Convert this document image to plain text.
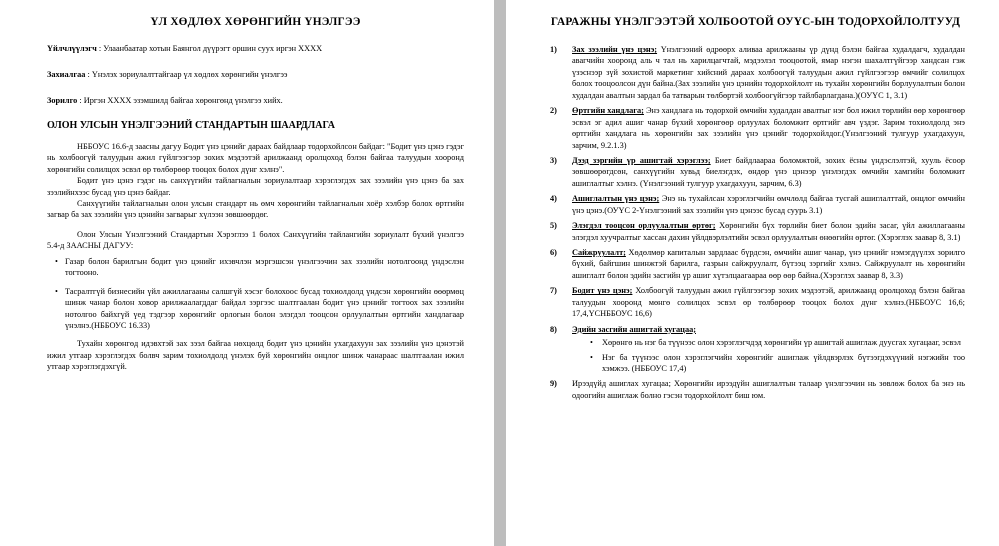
ҮЛ ХӨДЛӨХ ХӨРӨНГИЙН ҮНЭЛГЭЭ
Үйлчлүүлэгч : Улаанбаатар хотын Баянгол дүүрэгт оршин суух иргэн ХХХХ
Захиалгаа : Үнэлэх зориулалттайгаар үл хөдлөх хөрөнгийн үнэлгээ
Зорилго : Иргэн ХХХХ эзэмшилд байгаа хөрөнгөнд үнэлгээ хийх.
ОЛОН УЛСЫН ҮНЭЛГЭЭНИЙ СТАНДАРТЫН ШААРДЛАГА

НББОУС 16.6-д заасны дагуу Бодит үнэ цэнийг дараах байдлаар тодорхойлсон байдаг: "Бодит үнэ цэнэ гэдэг нь холбоогүй талуудын ажил гүйлгээгээр зохих мэдээтэй арилжаанд оролцоход бэлэн байгаа талуудын хооронд хөрөнгийн солилцох эсвэл өр төлбөрөөр тооцох болох дүнг хэлнэ".

Бодит үнэ цэнэ гэдэг нь санхүүгийн тайлагналын зориулалтаар хэрэглэгдэх зах зээлийн үнэ цэнэ ба зах зээлийнхээс бусад үнэ цэнэ байдаг.

Санхүүгийн тайлагналын олон улсын стандарт нь өмч хөрөнгийн тайлагналын хоёр хэлбэр болох өртгийн загвар ба зах зээлийн үнэ цэнийн загварыг хүлээн зөвшөөрдөг.

Олон Улсын Үнэлгээний Стандартын Хэрэглээ 1 болох Санхүүгийн тайлангийн зориулалт бүхий үнэлгээ 5.4-д ЗААСНЫ ДАГУУ:

• Газар болон барилгын бодит үнэ цэнийг ихэвчлэн мэргэшсэн үнэлгээчин зах зээлийн нотолгоонд үндэслэн тогтооно.
• Тасралтгүй бизнесийн үйл ажиллагааны салшгүй хэсэг болохоос бусад тохиолдолд үндсэн хөрөнгийн өөөрмөц шинж чанар болон ховор арилжаалагддаг байдал зэргээс шалтгаалан бодит үнэ цэнийг тогтоох зах зээлийн нотолгоо байхгүй үед тэдгээр хөрөнгийг орлогын болон элэгдэл тооцсон орлуулалтын өртгийн хандлагаар үнэлнэ.(НББОУС 16.33)

Тухайн хөрөнгөд идэвхтэй зах зээл байгаа нөхцөлд бодит үнэ цэнийн ухагдахуун зах зээлийн үнэ цэнэтэй ижил утгаар хэрэглэгдэх болвч зарим тохиолдолд үнэлэх буй хөрөнгийн онцлог шинж чанараас шалтгаалан ижил утгаар хэрэглэгдэхгүй.

ГАРАЖНЫ ҮНЭЛГЭЭТЭЙ ХОЛБООТОЙ ОУҮС-ЫН ТОДОРХОЙЛОЛТУУД
1) Зах зээлийн үнэ цэнэ; Үнэлгээний өдрөөрх аливаа арилжааны үр дүнд бэлэн байгаа худалдагч, худалдан авагчийн хооронд аль ч тал нь харилцагчтай, мэдээлэл тооцоотой, ямар нэгэн шахалтгүйгээр хандсан гэж үзэснээр зүй зохистой маркетинг хийсний дараах холбоогүй талуудын ажил гүйлгээгээр өмчийг солилцох болох тооцоолсон дүн байна.(Зах зээлийн үнэ цэнийн тодорхойлолт нь тухайн хөрөнгийн борлуулалтын болон худалдан авалтын зардал ба татварын төлбөртэй холбоогүйгээр тайлбарлагдана.)(ОУҮС 1, 3.1)
2) Өртгийн хандлага; Энэ хандлага нь тодорхой өмчийн худалдан авалтыг нэг бол ижил төрлийн өөр хөрөнгөөр эсвэл эг адил ашиг чанар бүхий хөрөнгөөр орлуулах боломжит өртгийг авч үздэг. Зарим тохиолдолд энэ өртгийн хандлага нь хөрөнгийн зах зээлийн үнэ цэнийг тодорхойлдог.(Үнэлгээний тулгуур ухагдахуун, зарчим, 9.2.1.3)
3) Дээд зэргийн үр ашигтай хэрэглээ; Биет байдлаараа боломжтой, зохих ёсны үндэслэлтэй, хууль ёсоор зөвшөөрөгдсөн, санхүүгийн хувьд биелэгдэх, өндөр үнэ цэнээр үнэлэгдэх өмчийн хамгийн боломжит ашиглалтыг хэлнэ. (Үнэлгээний тулгуур ухагдахуун, зарчим, 6.3)
4) Ашиглалтын үнэ цэнэ; Энэ нь тухайлсан хэрэглэгчийн өмчлөлд байгаа тусгай ашиглалттай, онцлог өмчийн үнэ цэнэ.(ОУҮС 2-Үнэлгээний зах зээлийн үнэ цэнээс бусад суурь 3.1)
5) Элэгдэл тооцсон орлуулалтын өртөг; Хөрөнгийн бүх төрлийн биет болон эдийн засаг, үйл ажиллагааны элэгдэл хуучралтыг хассан дахин үйлдвэрлэлтийн эсвэл орлуулалтын өнөөгийн өртөг. (Хэрэглэх заавар 8, 3.1)
6) Сайжруулалт; Хөдөлмөр капиталын зардлаас бүрдсэн, өмчийн ашиг чанар, үнэ цэнийг нэмэгдүүлэх зорилго бүхий, байгшин шинжтэй барилга, газрын сайжруулалт, бүтээц зэргийг хэлнэ. Сайжруулалт нь хөрөнгийн ашиглалт болон эдийн засгийн үр ашиг хүтэлцаагаараа өөр өөр байна.(Хэрэглэх заавар 8, 3.3)
7) Бодит үнэ цэнэ; Холбоогүй талуудын ажил гүйлгээгээр зохих мэдээтэй, арилжаанд оролцоход бэлэн байгаа талуудын хооронд мөнгө солилцох эсвэл өр төлбөрөөр тооцох болох дүнг хэлнэ.(НББОУС 16,6; 17,4,ҮСНББОУС 16,6)
8) Эдийн засгийн ашигтай хугацаа;
• Хөрөнгө нь нэг ба түүнээс олон хэрэглэгчдэд хөрөнгийн үр ашигтай ашиглаж дуусгах хугацааг, эсвэл
• Нэг ба түүнээс олон хэрэглэгчийн хөрөнгийг ашиглаж үйлдвэрлэх бүтээгдэхүүний нэгжийн тоо хэмжээ. (НББОУС 17,4)
9) Ирээдүйд ашиглах хугацаа; Хөрөнгийн ирээдүйн ашиглалтын талаар үнэлгээчин нь зөвлөж болох ба энэ нь одоогийн ашиглаж болно гэсэн тодорхойлолт биш юм.
